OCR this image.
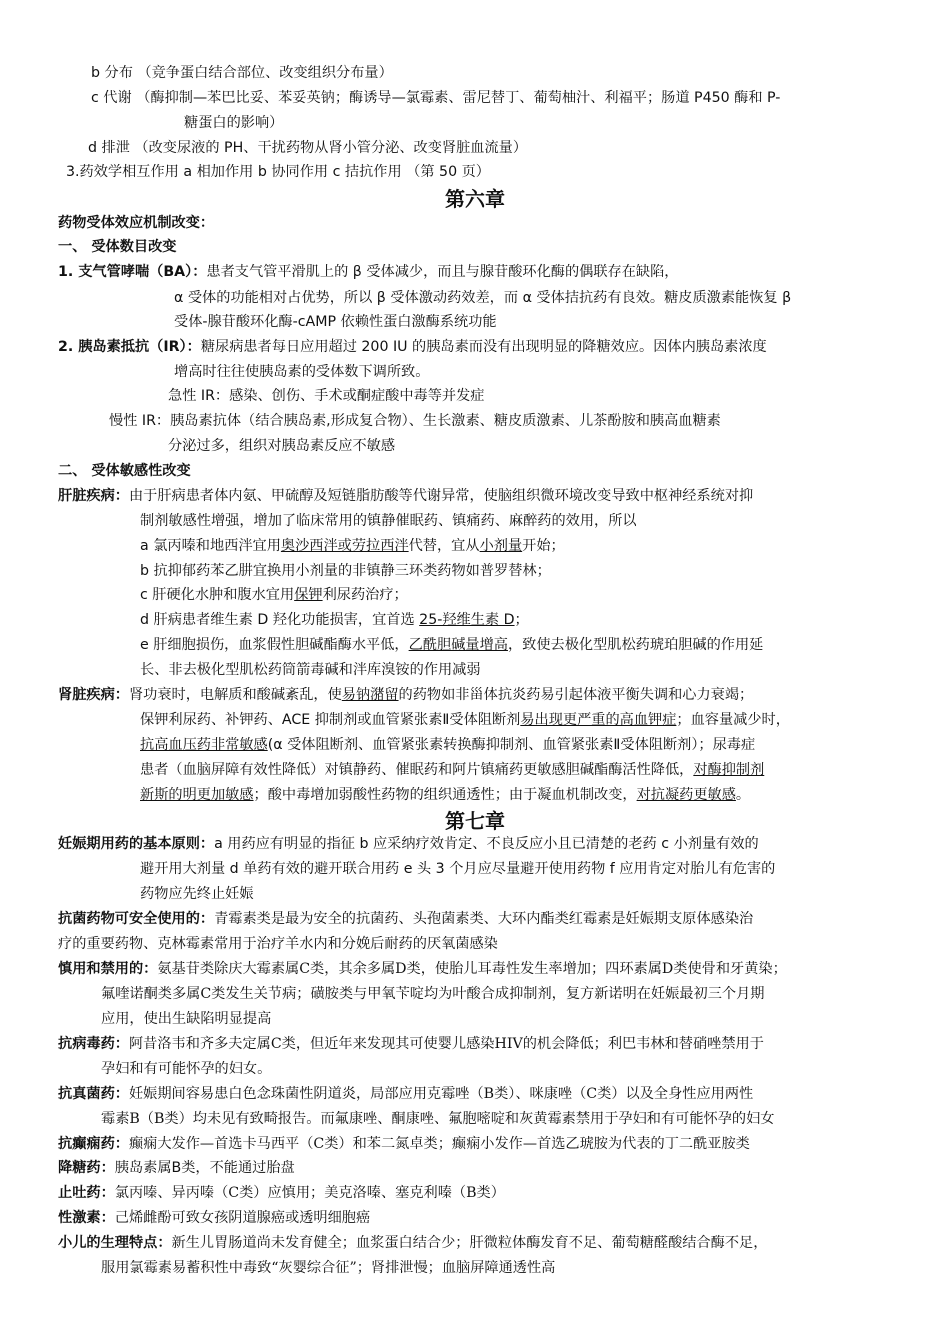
b 分布 （竞争蛋白结合部位、改变组织分布量）
c 代谢 （酶抑制—苯巴比妥、苯妥英钠；酶诱导—氯霉素、雷尼替丁、葡萄柚汁、利福平；肠道 P450 酶和 P-
糖蛋白的影响）
d 排泄 （改变尿液的 PH、干扰药物从肾小管分泌、改变肾脏血流量）
3.药效学相互作用 a 相加作用 b 协同作用 c 拮抗作用 （第 50 页）
第六章
药物受体效应机制改变：
一、 受体数目改变
1. 支气管哮喘（BA）：患者支气管平滑肌上的 β 受体减少，而且与腺苷酸环化酶的偶联存在缺陷，
α 受体的功能相对占优势，所以 β 受体激动药效差，而 α 受体拮抗药有良效。糖皮质激素能恢复 β
受体-腺苷酸环化酶-cAMP 依赖性蛋白激酶系统功能
2. 胰岛素抵抗（IR）：糖尿病患者每日应用超过 200 IU 的胰岛素而没有出现明显的降糖效应。因体内胰岛素浓度
增高时往往使胰岛素的受体数下调所致。
急性 IR：感染、创伤、手术或酮症酸中毒等并发症
慢性 IR：胰岛素抗体（结合胰岛素,形成复合物）、生长激素、糖皮质激素、儿茶酚胺和胰高血糖素
分泌过多，组织对胰岛素反应不敏感
二、 受体敏感性改变
肝脏疾病：由于肝病患者体内氨、甲硫醇及短链脂肪酸等代谢异常，使脑组织微环境改变导致中枢神经系统对抑
制剂敏感性增强，增加了临床常用的镇静催眠药、镇痛药、麻醉药的效用，所以
a 氯丙嗪和地西泮宜用奥沙西泮或劳拉西泮代替，宜从小剂量开始；
b 抗抑郁药苯乙肼宜换用小剂量的非镇静三环类药物如普罗替林；
c 肝硬化水肿和腹水宜用保钾利尿药治疗；
d 肝病患者维生素 D 羟化功能损害，宜首选 25-羟维生素 D；
e 肝细胞损伤，血浆假性胆碱酯酶水平低，乙酰胆碱量增高，致使去极化型肌松药琥珀胆碱的作用延
长、非去极化型肌松药筒箭毒碱和泮库溴铵的作用减弱
肾脏疾病：肾功衰时，电解质和酸碱紊乱，使易钠潴留的药物如非甾体抗炎药易引起体液平衡失调和心力衰竭；
保钾利尿药、补钾药、ACE 抑制剂或血管紧张素Ⅱ受体阻断剂易出现更严重的高血钾症；血容量减少时，
抗高血压药非常敏感(α 受体阻断剂、血管紧张素转换酶抑制剂、血管紧张素Ⅱ受体阻断剂）；尿毒症
患者（血脑屏障有效性降低）对镇静药、催眠药和阿片镇痛药更敏感胆碱酯酶活性降低，对酶抑制剂
新斯的明更加敏感；酸中毒增加弱酸性药物的组织通透性；由于凝血机制改变，对抗凝药更敏感。
第七章
妊娠期用药的基本原则：a 用药应有明显的指征 b 应采纳疗效肯定、不良反应小且已清楚的老药 c 小剂量有效的
避开用大剂量 d 单药有效的避开联合用药 e 头 3 个月应尽量避开使用药物 f 应用肯定对胎儿有危害的
药物应先终止妊娠
抗菌药物可安全使用的：青霉素类是最为安全的抗菌药、头孢菌素类、大环内酯类红霉素是妊娠期支原体感染治
疗的重要药物、克林霉素常用于治疗羊水内和分娩后耐药的厌氧菌感染
慎用和禁用的：氨基苷类除庆大霉素属C类，其余多属D类，使胎儿耳毒性发生率增加；四环素属D类使骨和牙黄染；
氟喹诺酮类多属C类发生关节病；磺胺类与甲氧苄啶均为叶酸合成抑制剂，复方新诺明在妊娠最初三个月期
应用，使出生缺陷明显提高
抗病毒药：阿昔洛韦和齐多夫定属C类，但近年来发现其可使婴儿感染HIV的机会降低；利巴韦林和替硝唑禁用于
孕妇和有可能怀孕的妇女。
抗真菌药：妊娠期间容易患白色念珠菌性阴道炎，局部应用克霉唑（B类）、咪康唑（C类）以及全身性应用两性
霉素B（B类）均未见有致畸报告。而氟康唑、酮康唑、氟胞嘧啶和灰黄霉素禁用于孕妇和有可能怀孕的妇女
抗癫痫药：癫痫大发作—首选卡马西平（C类）和苯二氮卓类；癫痫小发作—首选乙琥胺为代表的丁二酰亚胺类
降糖药：胰岛素属B类，不能通过胎盘
止吐药：氯丙嗪、异丙嗪（C类）应慎用；美克洛嗪、塞克利嗪（B类）
性激素：己烯雌酚可致女孩阴道腺癌或透明细胞癌
小儿的生理特点：新生儿胃肠道尚未发育健全；血浆蛋白结合少；肝微粒体酶发育不足、葡萄糖醛酸结合酶不足，
服用氯霉素易蓄积性中毒致“灰婴综合征”；肾排泄慢；血脑屏障通透性高
